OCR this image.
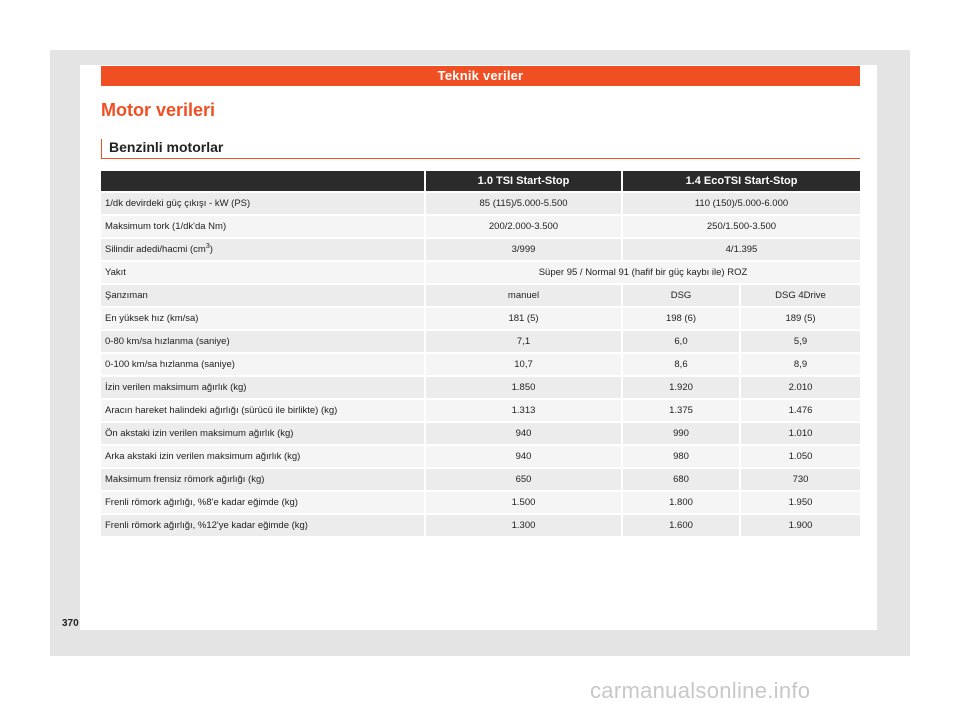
Teknik veriler
Motor verileri
Benzinli motorlar
	1.0 TSI Start-Stop	1.4 EcoTSI Start-Stop	
1/dk devirdeki güç çıkışı - kW (PS)	85 (115)/5.000-5.500	110 (150)/5.000-6.000	
Maksimum tork (1/dk'da Nm)	200/2.000-3.500	250/1.500-3.500	
Silindir adedi/hacmi $(cm^3)$	3/999	4/1.395	
Yakıt	Süper 95 / Normal 91 (hafif bir güç kaybı ile) ROZ		
Şanzıman	manuel	DSG	DSG 4Drive
En yüksek hız (km/sa)	181 (5)	198 (6)	189 (5)
0-80 km/sa hızlanma (saniye)	7,1	6,0	5,9
0-100 km/sa hızlanma (saniye)	10,7	8,6	8,9
İzin verilen maksimum ağırlık (kg)	1.850	1.920	2.010
Aracın hareket halindeki ağırlığı (sürücü ile birlikte) (kg)	1.313	1.375	1.476
Ön akstaki izin verilen maksimum ağırlık (kg)	940	990	1.010
Arka akstaki izin verilen maksimum ağırlık (kg)	940	980	1.050
Maksimum frensiz römork ağırlığı (kg)	650	680	730
Frenli römork ağırlığı, %8'e kadar eğimde (kg)	1.500	1.800	1.950
Frenli römork ağırlığı, %12'ye kadar eğimde (kg)	1.300	1.600	1.900
370
carmanualsonline.info
